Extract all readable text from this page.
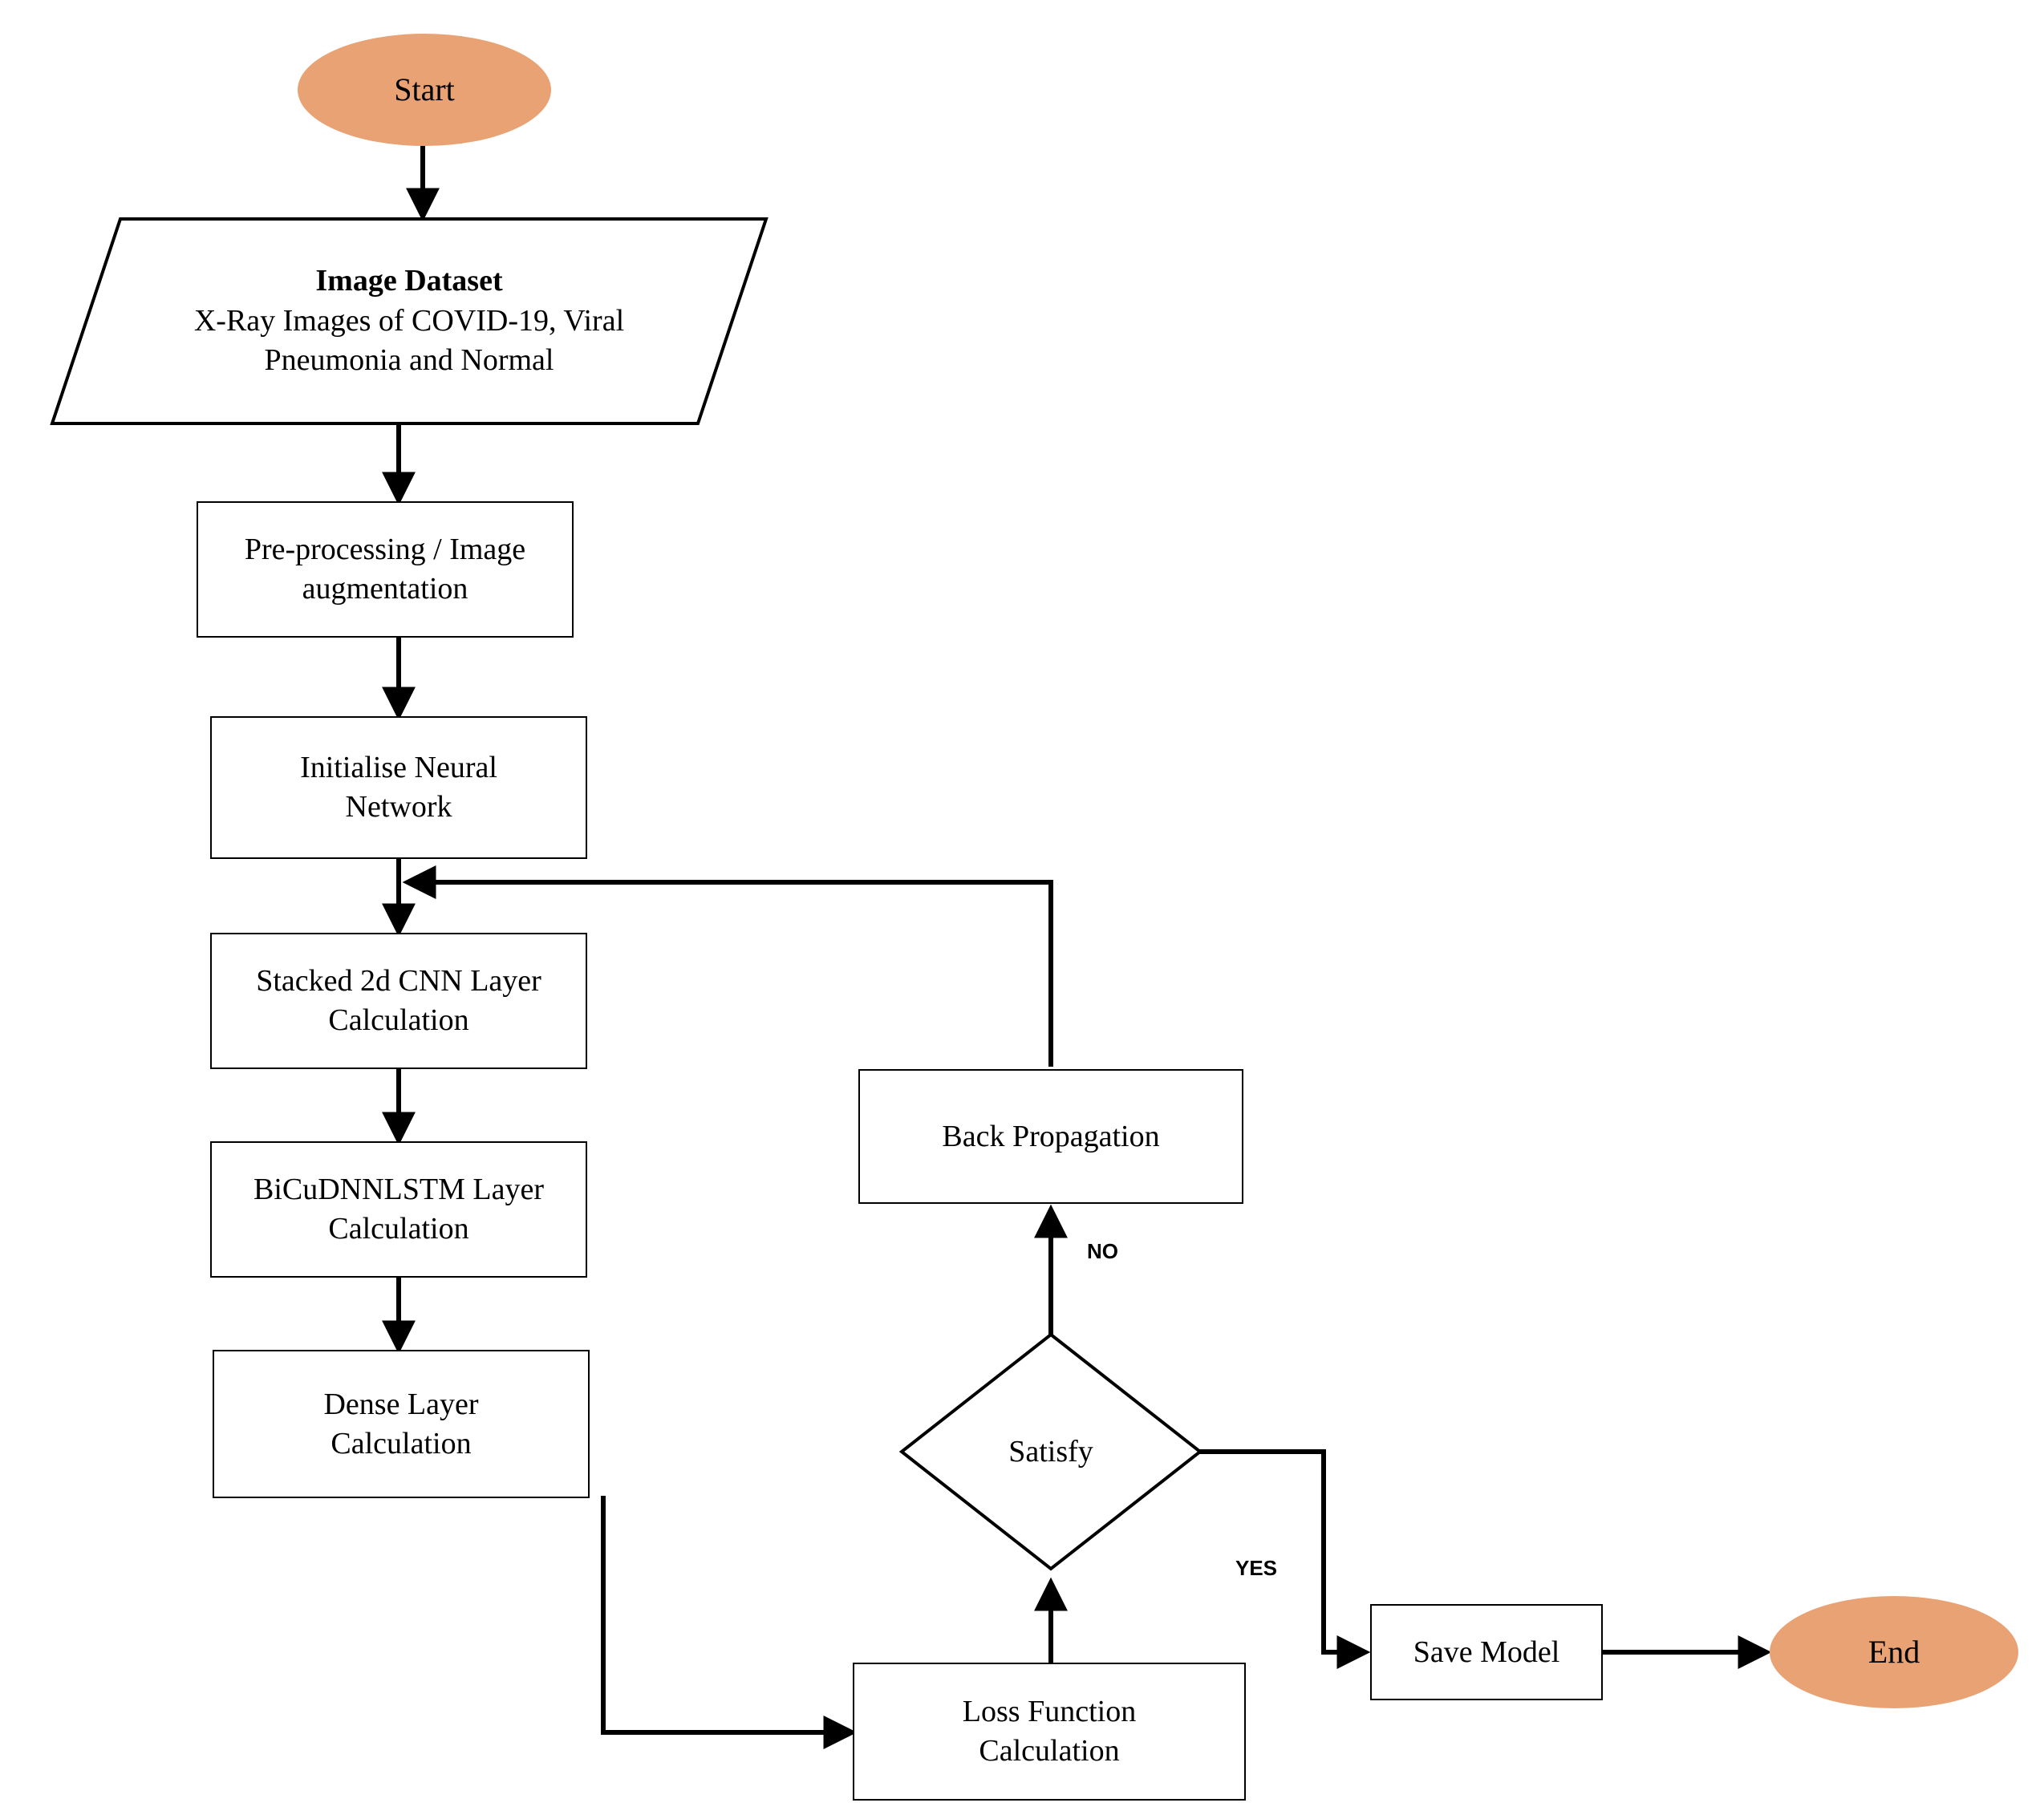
Start
Image Dataset
X-Ray Images of COVID-19, Viral
Pneumonia and Normal
Pre-processing / Image
augmentation
Initialise Neural
Network
Stacked 2d CNN Layer
Calculation
BiCuDNNLSTM Layer
Calculation
Dense Layer
Calculation
Loss Function
Calculation
Satisfy
Back Propagation
Save Model	End
NO
YES
